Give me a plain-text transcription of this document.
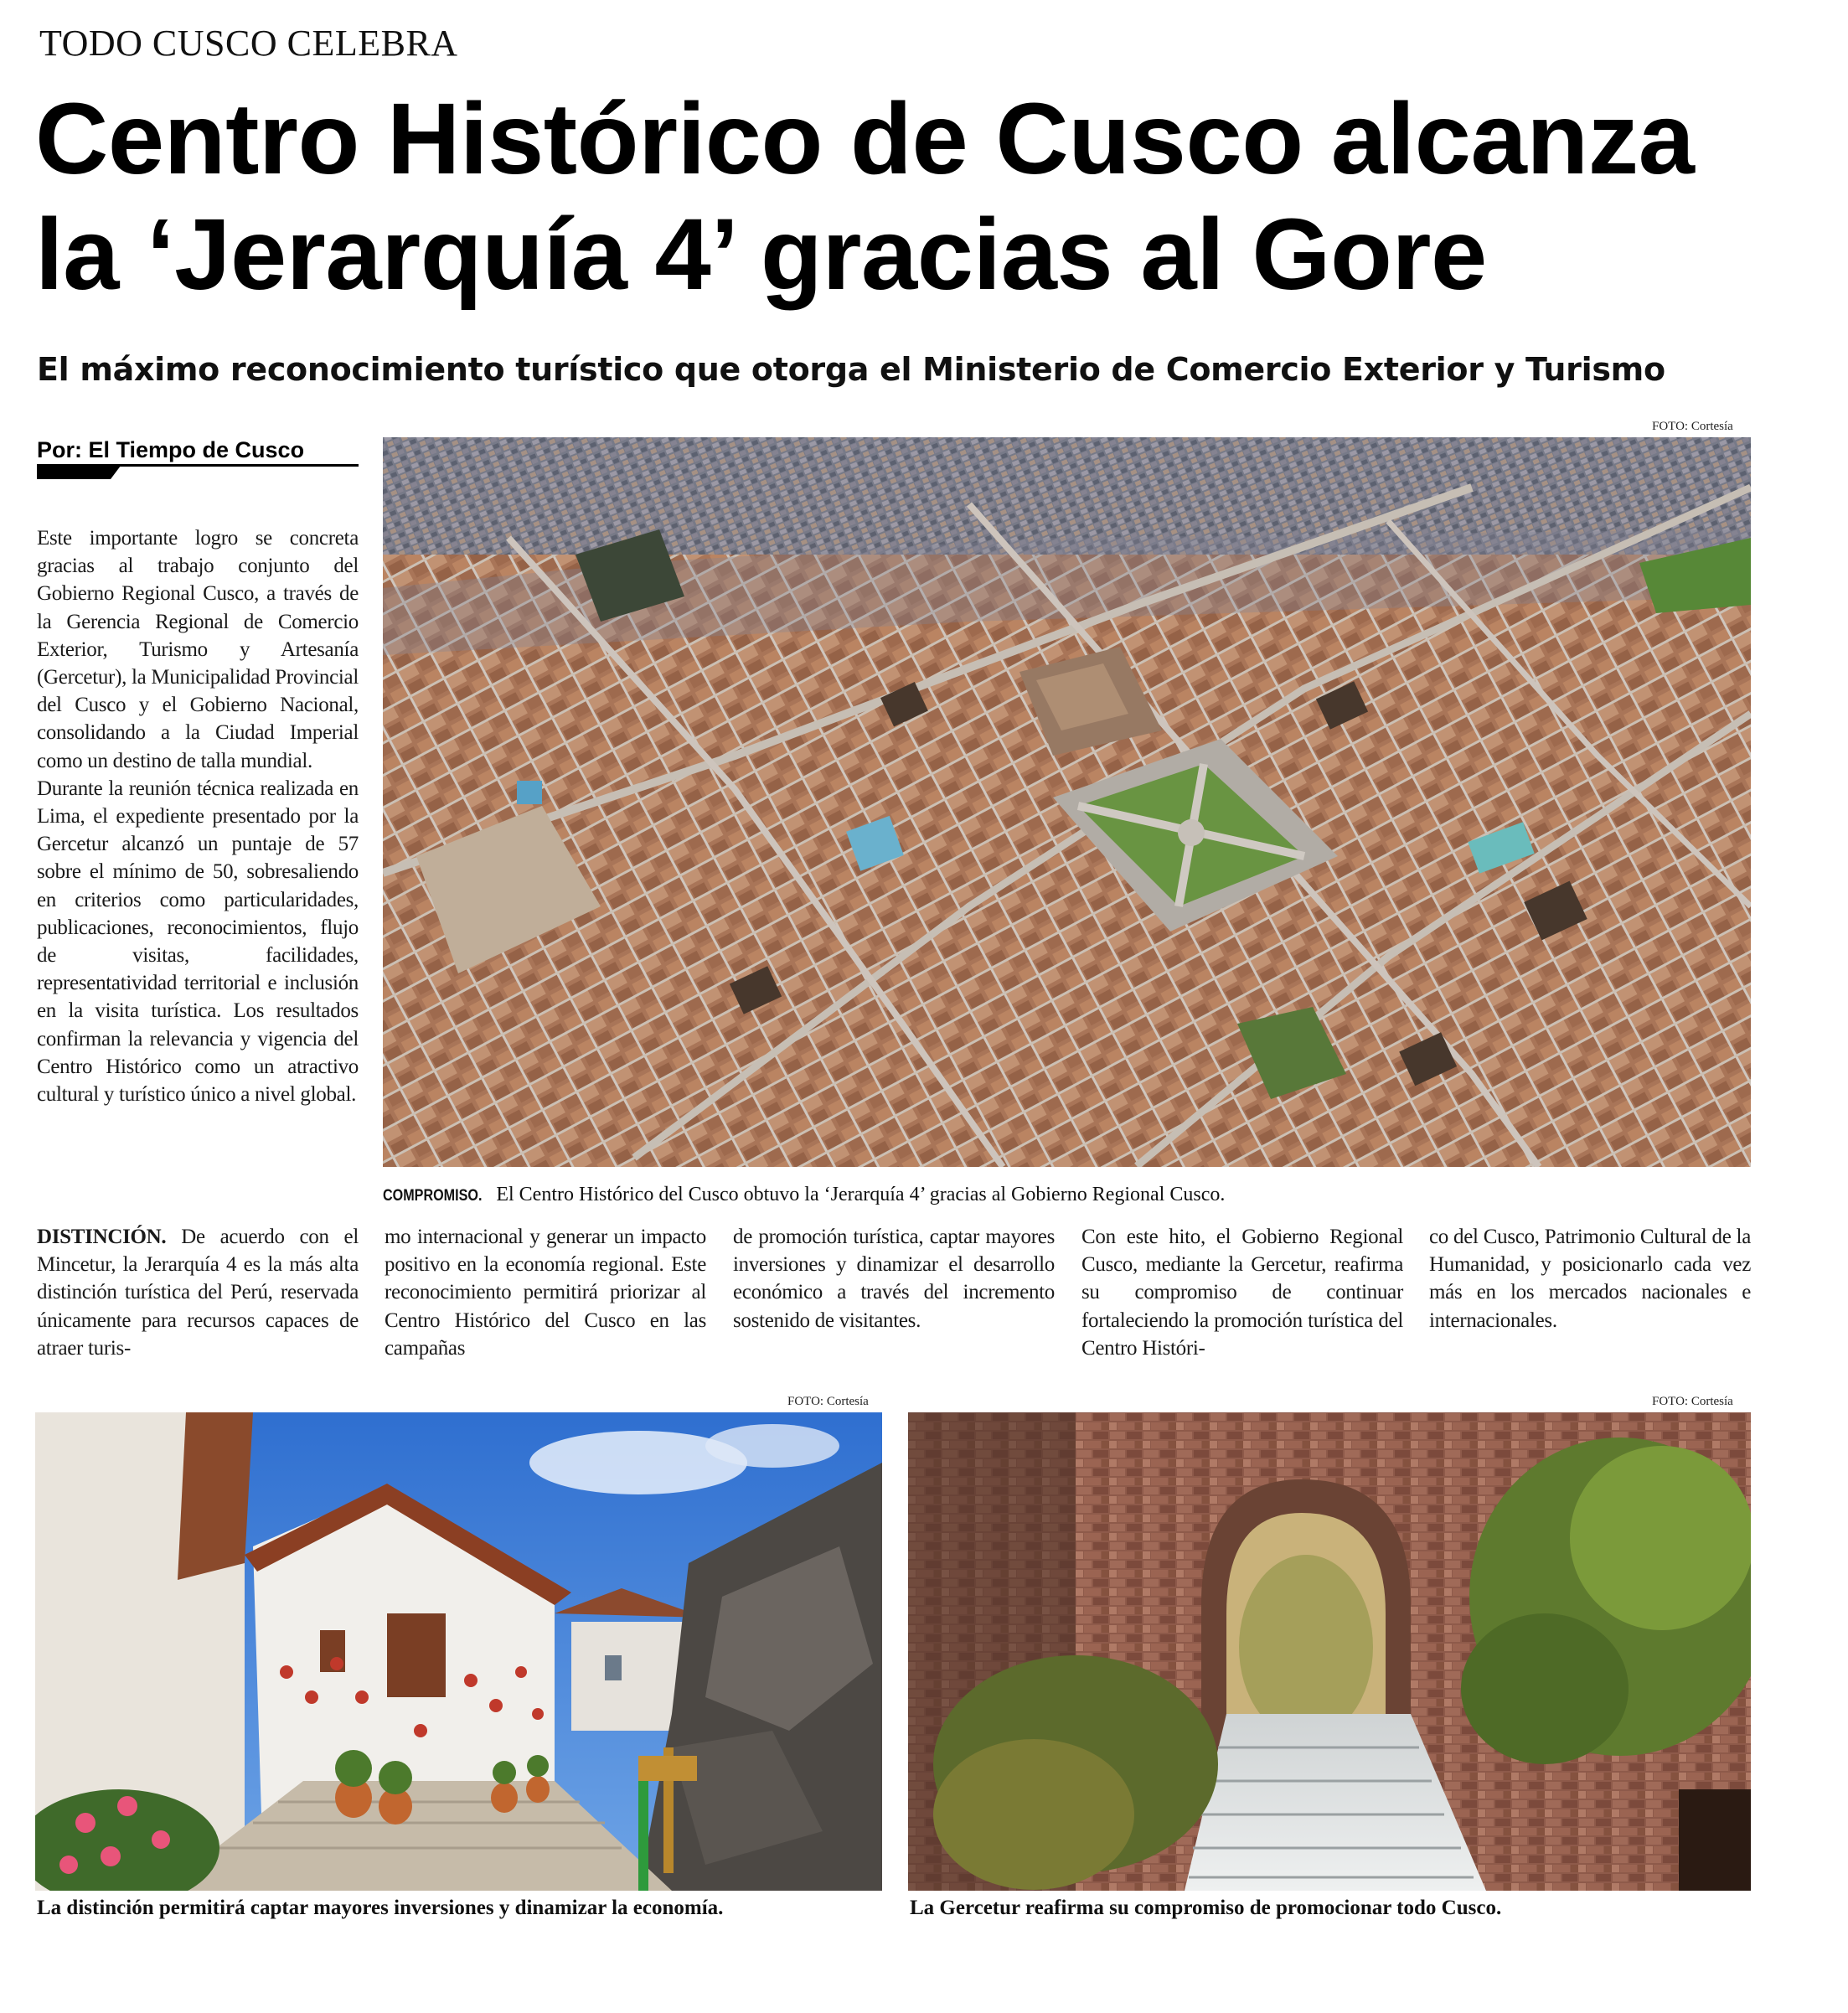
TODO CUSCO CELEBRA
Centro Histórico de Cusco alcanza
la ‘Jerarquía 4’ gracias al Gore
El máximo reconocimiento turístico que otorga el Ministerio de Comercio Exterior y Turismo
Por: El Tiempo de Cusco
FOTO: Cortesía
COMPROMISO. El Centro Histórico del Cusco obtuvo la ‘Jerarquía 4’ gracias al Gobierno Regional Cusco.

Este importante logro se concreta gracias al trabajo conjunto del Gobierno Regional Cusco, a través de la Gerencia Regional de Comercio Exterior, Turismo y Artesanía (Gercetur), la Municipalidad Provincial del Cusco y el Gobierno Nacional, consolidando a la Ciudad Imperial como un destino de talla mundial.

Durante la reunión técnica realizada en Lima, el expediente presentado por la Gercetur alcanzó un puntaje de 57 sobre el mínimo de 50, sobresaliendo en criterios como particularidades, publicaciones, reconocimientos, flujo de visitas, facilidades, representatividad territorial e inclusión en la visita turística. Los resultados confirman la relevancia y vigencia del Centro Histórico como un atractivo cultural y turístico único a nivel global.

DISTINCIÓN. De acuerdo con el Mincetur, la Jerarquía 4 es la más alta distinción turística del Perú, reservada únicamente para recursos capaces de atraer turis-

mo internacional y generar un impacto positivo en la economía regional. Este reconocimiento permitirá priorizar al Centro Histórico del Cusco en las campañas

de promoción turística, captar mayores inversiones y dinamizar el desarrollo económico a través del incremento sostenido de visitantes.

Con este hito, el Gobierno Regional Cusco, mediante la Gercetur, reafirma su compromiso de continuar fortaleciendo la promoción turística del Centro Históri-

co del Cusco, Patrimonio Cultural de la Humanidad, y posicionarlo cada vez más en los mercados nacionales e internacionales.

FOTO: Cortesía
La distinción permitirá captar mayores inversiones y dinamizar la economía.
FOTO: Cortesía
La Gercetur reafirma su compromiso de promocionar todo Cusco.
